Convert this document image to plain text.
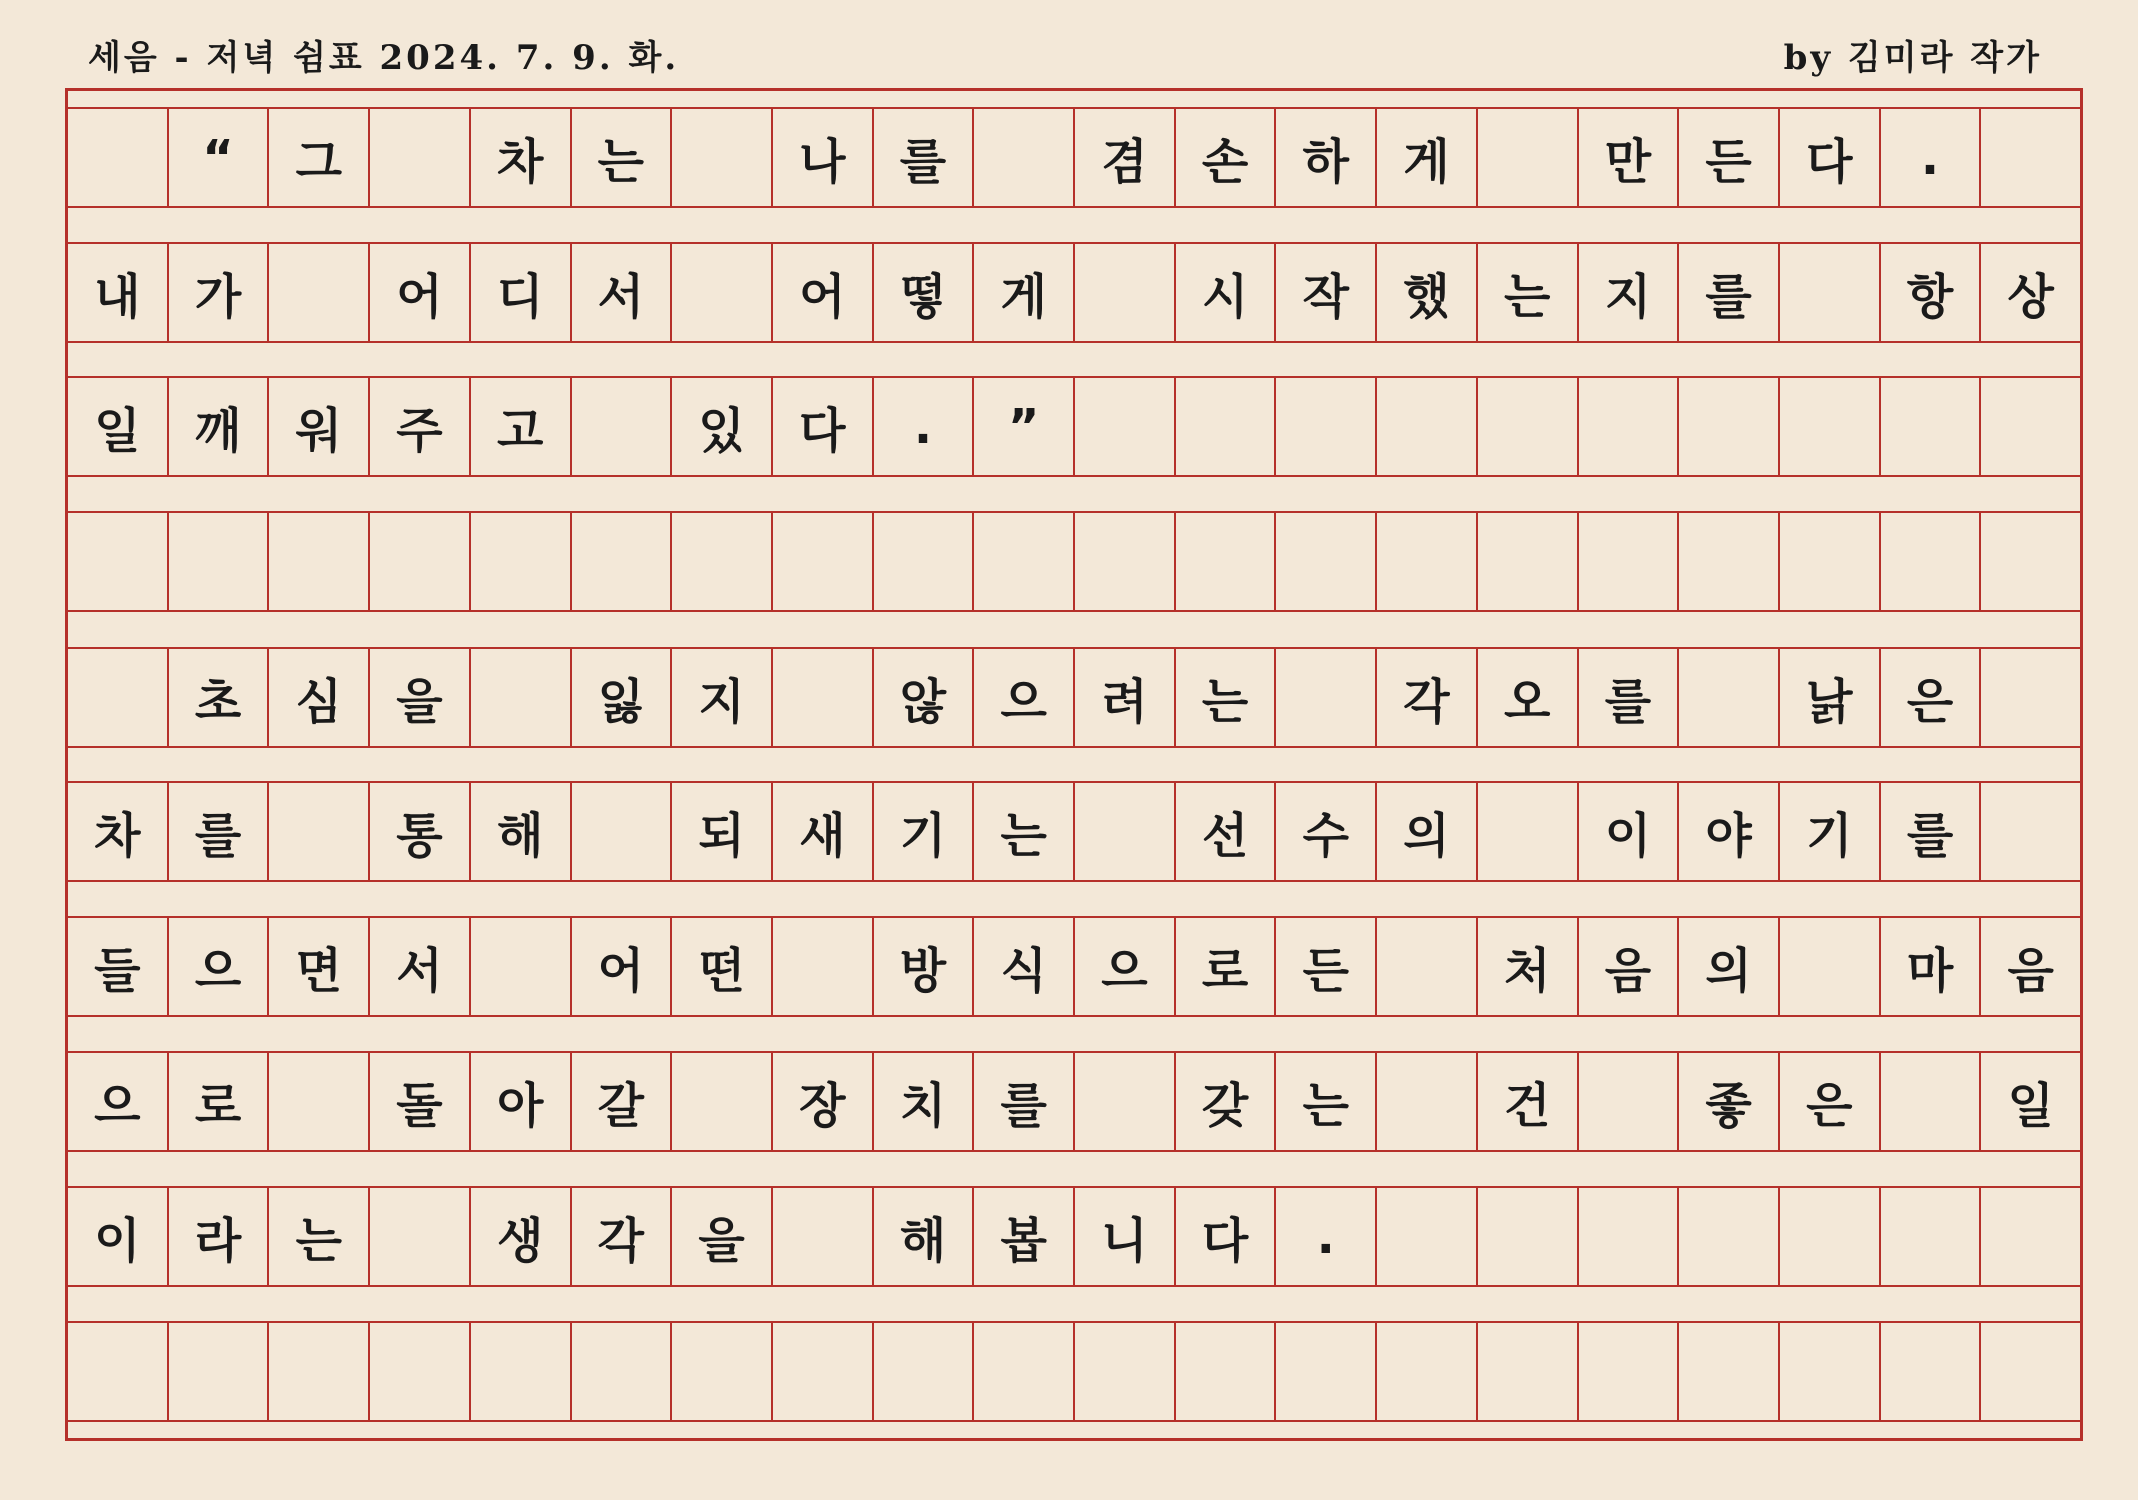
세음 - 저녁 쉼표 2024. 7. 9. 화.	by 김미라 작가
“	그	차	는	나	를	겸	손	하	게	만	든	다	.
내	가	어	디	서	어	떻	게	시	작	했	는	지	를	항	상
일	깨	워	주	고	있	다	.	”
초	심	을	잃	지	않	으	려	는	각	오	를	낡	은
차	를	통	해	되	새	기	는	선	수	의	이	야	기	를
들	으	면	서	어	떤	방	식	으	로	든	처	음	의	마	음
으	로	돌	아	갈	장	치	를	갖	는	건	좋	은	일
이	라	는	생	각	을	해	봅	니	다	.
